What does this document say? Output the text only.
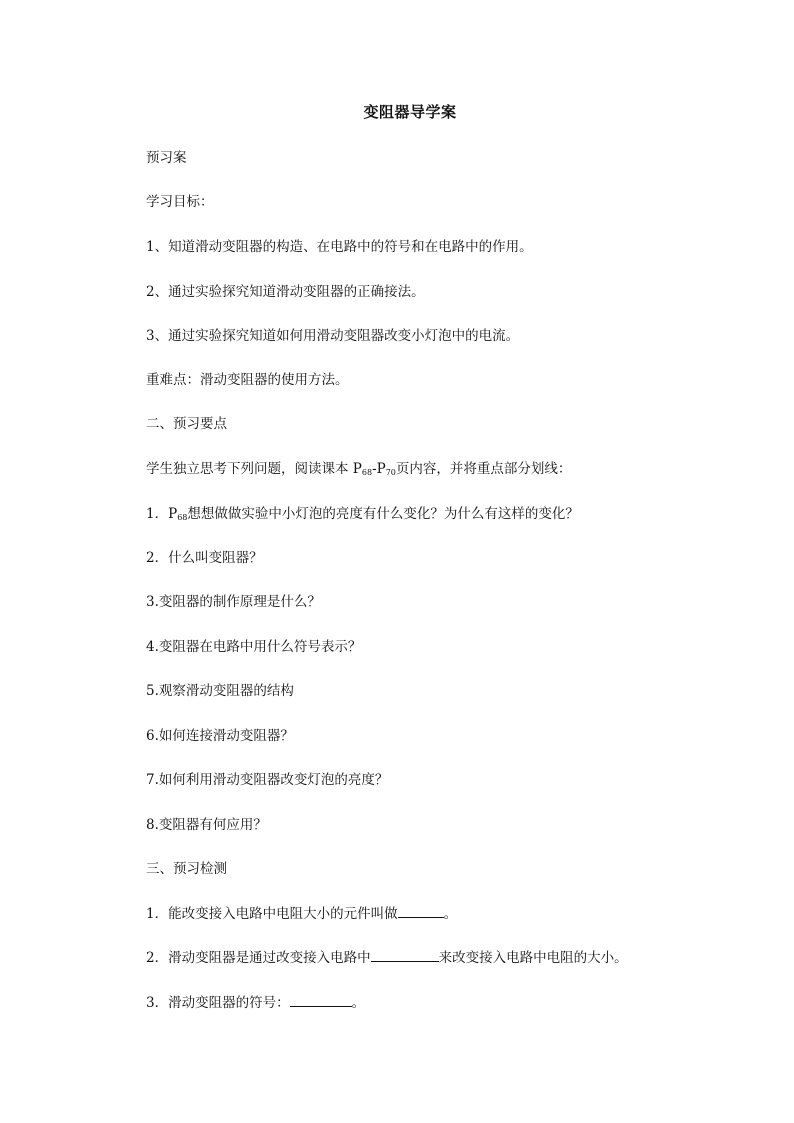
变阻器导学案
预习案
学习目标：
1、知道滑动变阻器的构造、在电路中的符号和在电路中的作用。
2、通过实验探究知道滑动变阻器的正确接法。
3、通过实验探究知道如何用滑动变阻器改变小灯泡中的电流。
重难点：滑动变阻器的使用方法。
二、预习要点
学生独立思考下列问题，阅读课本 $P_{68}-P_{70}$页内容，并将重点部分划线：
1．$P_{68}$想想做做实验中小灯泡的亮度有什么变化？为什么有这样的变化？
2．什么叫变阻器？
3.变阻器的制作原理是什么？
4.变阻器在电路中用什么符号表示？
5.观察滑动变阻器的结构
6.如何连接滑动变阻器？
7.如何利用滑动变阻器改变灯泡的亮度？
8.变阻器有何应用？
三、预习检测
1．能改变接入电路中电阻大小的元件叫做	。
2．滑动变阻器是通过改变接入电路中	来改变接入电路中电阻的大小。
3．滑动变阻器的符号：	。
